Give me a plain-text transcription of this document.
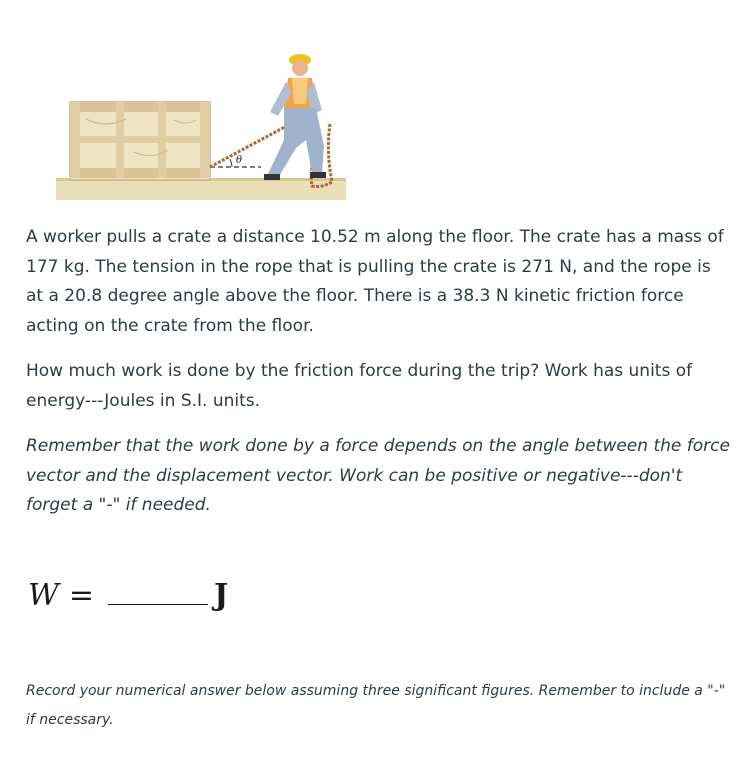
θ

A worker pulls a crate a distance 10.52 m along the floor. The crate has a mass of 177 kg. The tension in the rope that is pulling the crate is 271 N, and the rope is at a 20.8 degree angle above the floor. There is a 38.3 N kinetic friction force acting on the crate from the floor.

How much work is done by the friction force during the trip? Work has units of energy---Joules in S.I. units.

Remember that the work done by a force depends on the angle between the force vector and the displacement vector. Work can be positive or negative---don't forget a "-" if needed.

W =	J

Record your numerical answer below assuming three significant figures. Remember to include a "-" if necessary.
